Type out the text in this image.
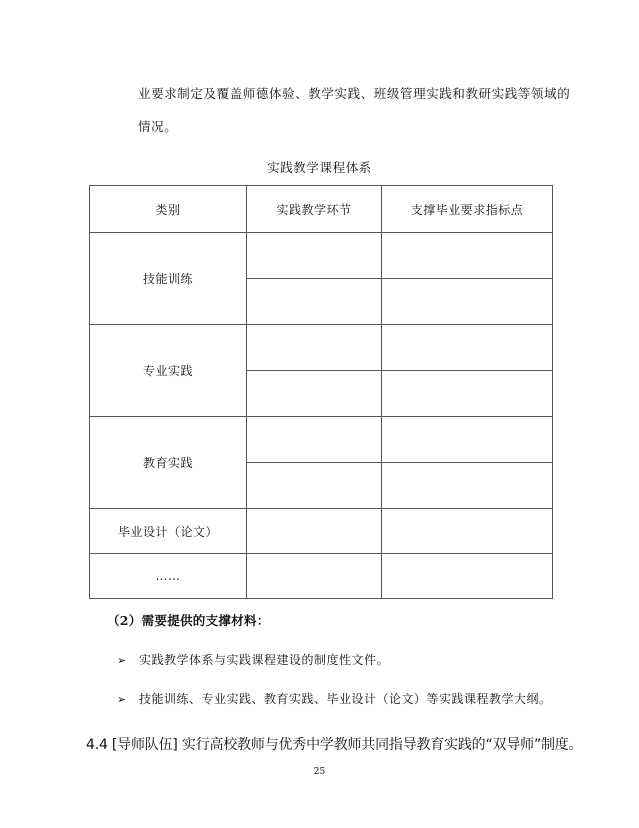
业要求制定及覆盖师德体验、教学实践、班级管理实践和教研实践等领域的
情况。
实践教学课程体系
类别	实践教学环节	支撑毕业要求指标点
技能训练		

专业实践		

教育实践		

毕业设计（论文）		
……		
（2）需要提供的支撑材料：
➢ 实践教学体系与实践课程建设的制度性文件。
➢ 技能训练、专业实践、教育实践、毕业设计（论文）等实践课程教学大纲。
4.4 [导师队伍] 实行高校教师与优秀中学教师共同指导教育实践的“双导师”制度。
25
